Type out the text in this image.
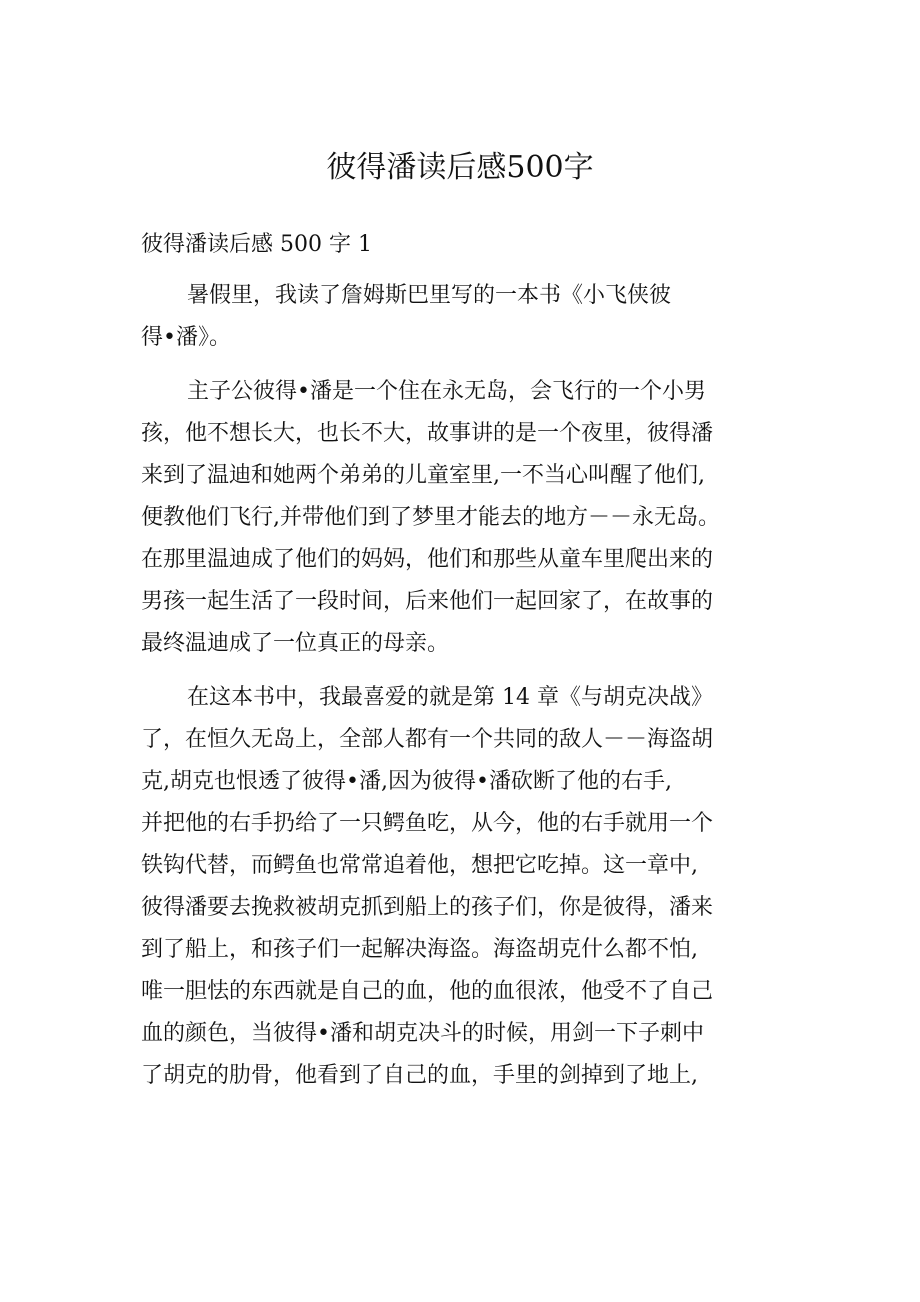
彼得潘读后感500字

彼得潘读后感 500 字 1

暑假里，我读了詹姆斯巴里写的一本书《小飞侠彼
得•潘》。
主子公彼得•潘是一个住在永无岛，会飞行的一个小男
孩，他不想长大，也长不大，故事讲的是一个夜里，彼得潘
来到了温迪和她两个弟弟的儿童室里,一不当心叫醒了他们,
便教他们飞行,并带他们到了梦里才能去的地方－－永无岛。
在那里温迪成了他们的妈妈，他们和那些从童车里爬出来的
男孩一起生活了一段时间，后来他们一起回家了，在故事的
最终温迪成了一位真正的母亲。
在这本书中，我最喜爱的就是第 14 章《与胡克决战》
了，在恒久无岛上，全部人都有一个共同的敌人－－海盗胡
克,胡克也恨透了彼得•潘,因为彼得•潘砍断了他的右手,
并把他的右手扔给了一只鳄鱼吃，从今，他的右手就用一个
铁钩代替，而鳄鱼也常常追着他，想把它吃掉。这一章中,
彼得潘要去挽救被胡克抓到船上的孩子们，你是彼得，潘来
到了船上，和孩子们一起解决海盗。海盗胡克什么都不怕,
唯一胆怯的东西就是自己的血，他的血很浓，他受不了自己
血的颜色，当彼得•潘和胡克决斗的时候，用剑一下子刺中
了胡克的肋骨，他看到了自己的血，手里的剑掉到了地上,
